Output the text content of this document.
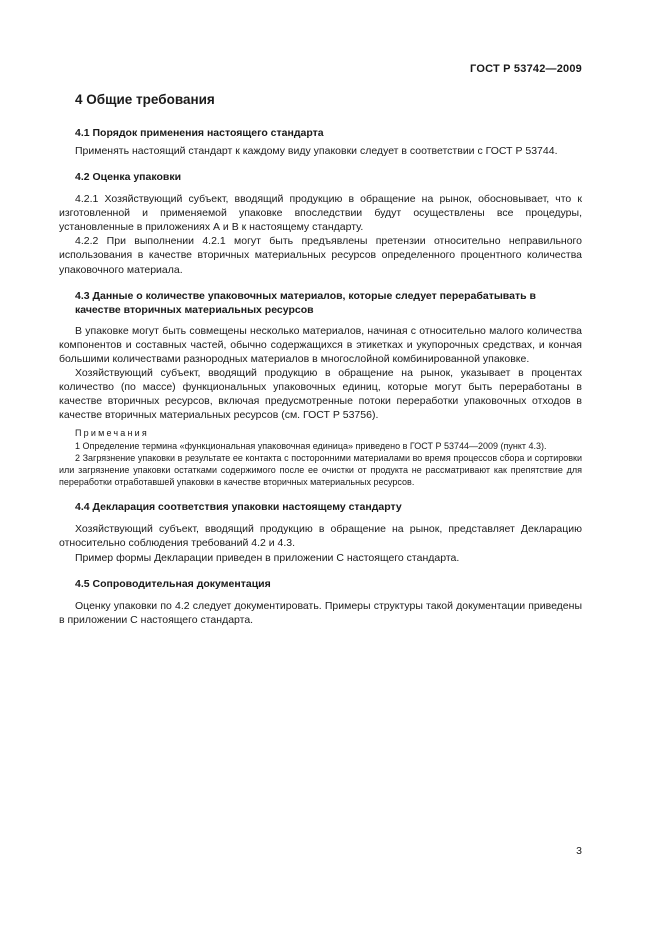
ГОСТ Р 53742—2009
4 Общие требования
4.1 Порядок применения настоящего стандарта

Применять настоящий стандарт к каждому виду упаковки следует в соответствии с ГОСТ Р 53744.

4.2 Оценка упаковки

4.2.1 Хозяйствующий субъект, вводящий продукцию в обращение на рынок, обосновывает, что к изготовленной и применяемой упаковке впоследствии будут осуществлены все процедуры, установленные в приложениях А и В к настоящему стандарту.

4.2.2 При выполнении 4.2.1 могут быть предъявлены претензии относительно неправильного использования в качестве вторичных материальных ресурсов определенного процентного количества упаковочного материала.

4.3 Данные о количестве упаковочных материалов, которые следует перерабатывать в качестве вторичных материальных ресурсов

В упаковке могут быть совмещены несколько материалов, начиная с относительно малого количества компонентов и составных частей, обычно содержащихся в этикетках и укупорочных средствах, и кончая большими количествами разнородных материалов в многослойной комбинированной упаковке.

Хозяйствующий субъект, вводящий продукцию в обращение на рынок, указывает в процентах количество (по массе) функциональных упаковочных единиц, которые могут быть переработаны в качестве вторичных ресурсов, включая предусмотренные потоки переработки упаковочных отходов в качестве вторичных материальных ресурсов (см. ГОСТ Р 53756).

Примечания

1 Определение термина «функциональная упаковочная единица» приведено в ГОСТ Р 53744—2009 (пункт 4.3).

2 Загрязнение упаковки в результате ее контакта с посторонними материалами во время процессов сбора и сортировки или загрязнение упаковки остатками содержимого после ее очистки от продукта не рассматривают как препятствие для переработки отработавшей упаковки в качестве вторичных материальных ресурсов.

4.4 Декларация соответствия упаковки настоящему стандарту

Хозяйствующий субъект, вводящий продукцию в обращение на рынок, представляет Декларацию относительно соблюдения требований 4.2 и 4.3.

Пример формы Декларации приведен в приложении С настоящего стандарта.

4.5 Сопроводительная документация

Оценку упаковки по 4.2 следует документировать. Примеры структуры такой документации приведены в приложении С настоящего стандарта.

3
